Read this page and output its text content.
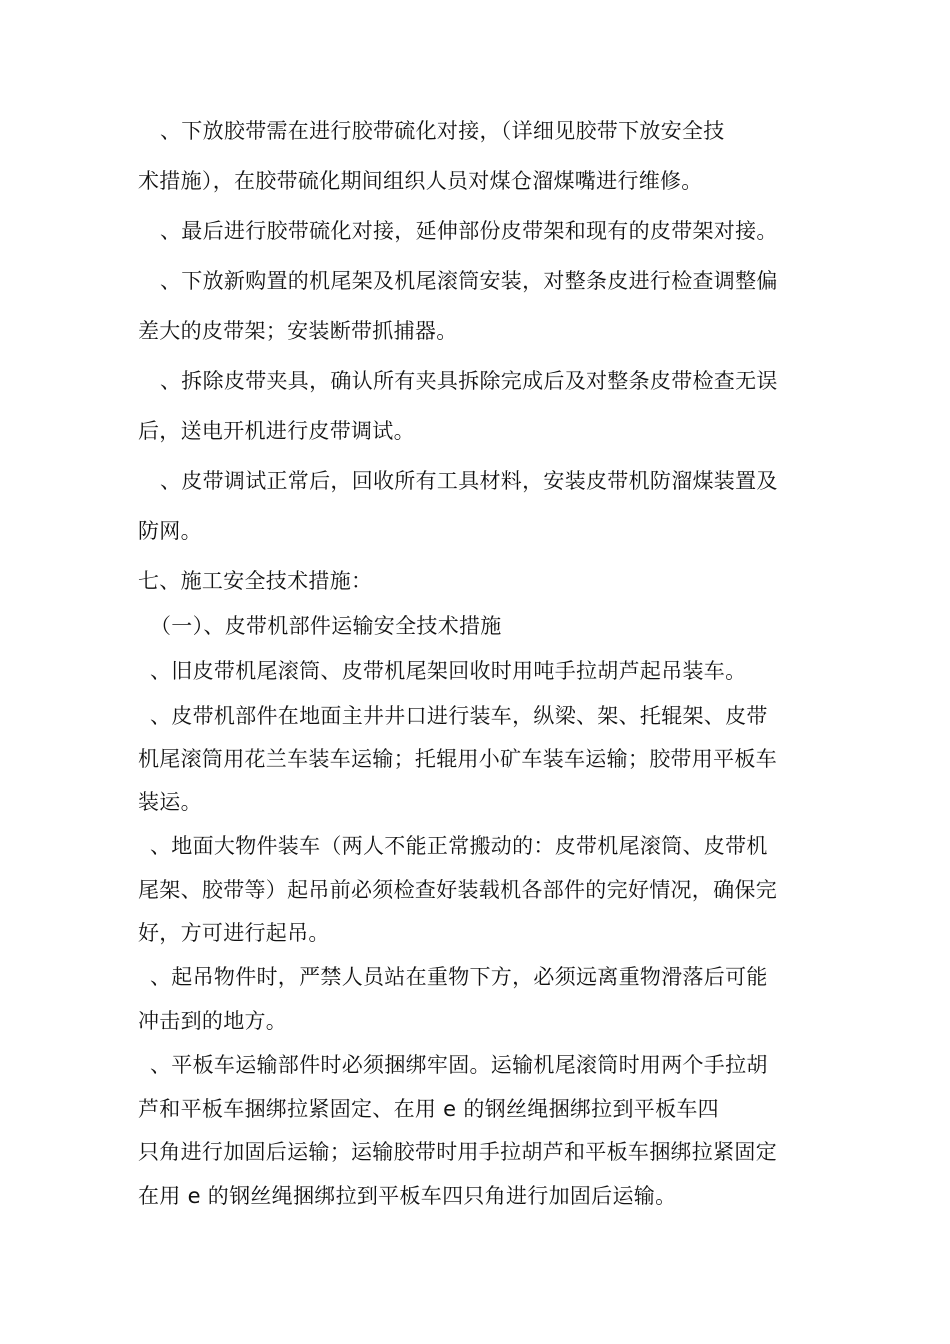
、下放胶带需在进行胶带硫化对接，（详细见胶带下放安全技
术措施），在胶带硫化期间组织人员对煤仓溜煤嘴进行维修。
、最后进行胶带硫化对接，延伸部份皮带架和现有的皮带架对接。
、下放新购置的机尾架及机尾滚筒安装，对整条皮进行检查调整偏
差大的皮带架；安装断带抓捕器。
、拆除皮带夹具，确认所有夹具拆除完成后及对整条皮带检查无误
后，送电开机进行皮带调试。
、皮带调试正常后，回收所有工具材料，安装皮带机防溜煤装置及
防网。
七、施工安全技术措施：
（一）、皮带机部件运输安全技术措施
、旧皮带机尾滚筒、皮带机尾架回收时用吨手拉胡芦起吊装车。
、皮带机部件在地面主井井口进行装车，纵梁、架、托辊架、皮带
机尾滚筒用花兰车装车运输；托辊用小矿车装车运输；胶带用平板车
装运。
、地面大物件装车（两人不能正常搬动的：皮带机尾滚筒、皮带机
尾架、胶带等）起吊前必须检查好装载机各部件的完好情况，确保完
好，方可进行起吊。
、起吊物件时，严禁人员站在重物下方，必须远离重物滑落后可能
冲击到的地方。
、平板车运输部件时必须捆绑牢固。运输机尾滚筒时用两个手拉胡
芦和平板车捆绑拉紧固定、在用 e 的钢丝绳捆绑拉到平板车四
只角进行加固后运输；运输胶带时用手拉胡芦和平板车捆绑拉紧固定
在用 e 的钢丝绳捆绑拉到平板车四只角进行加固后运输。
